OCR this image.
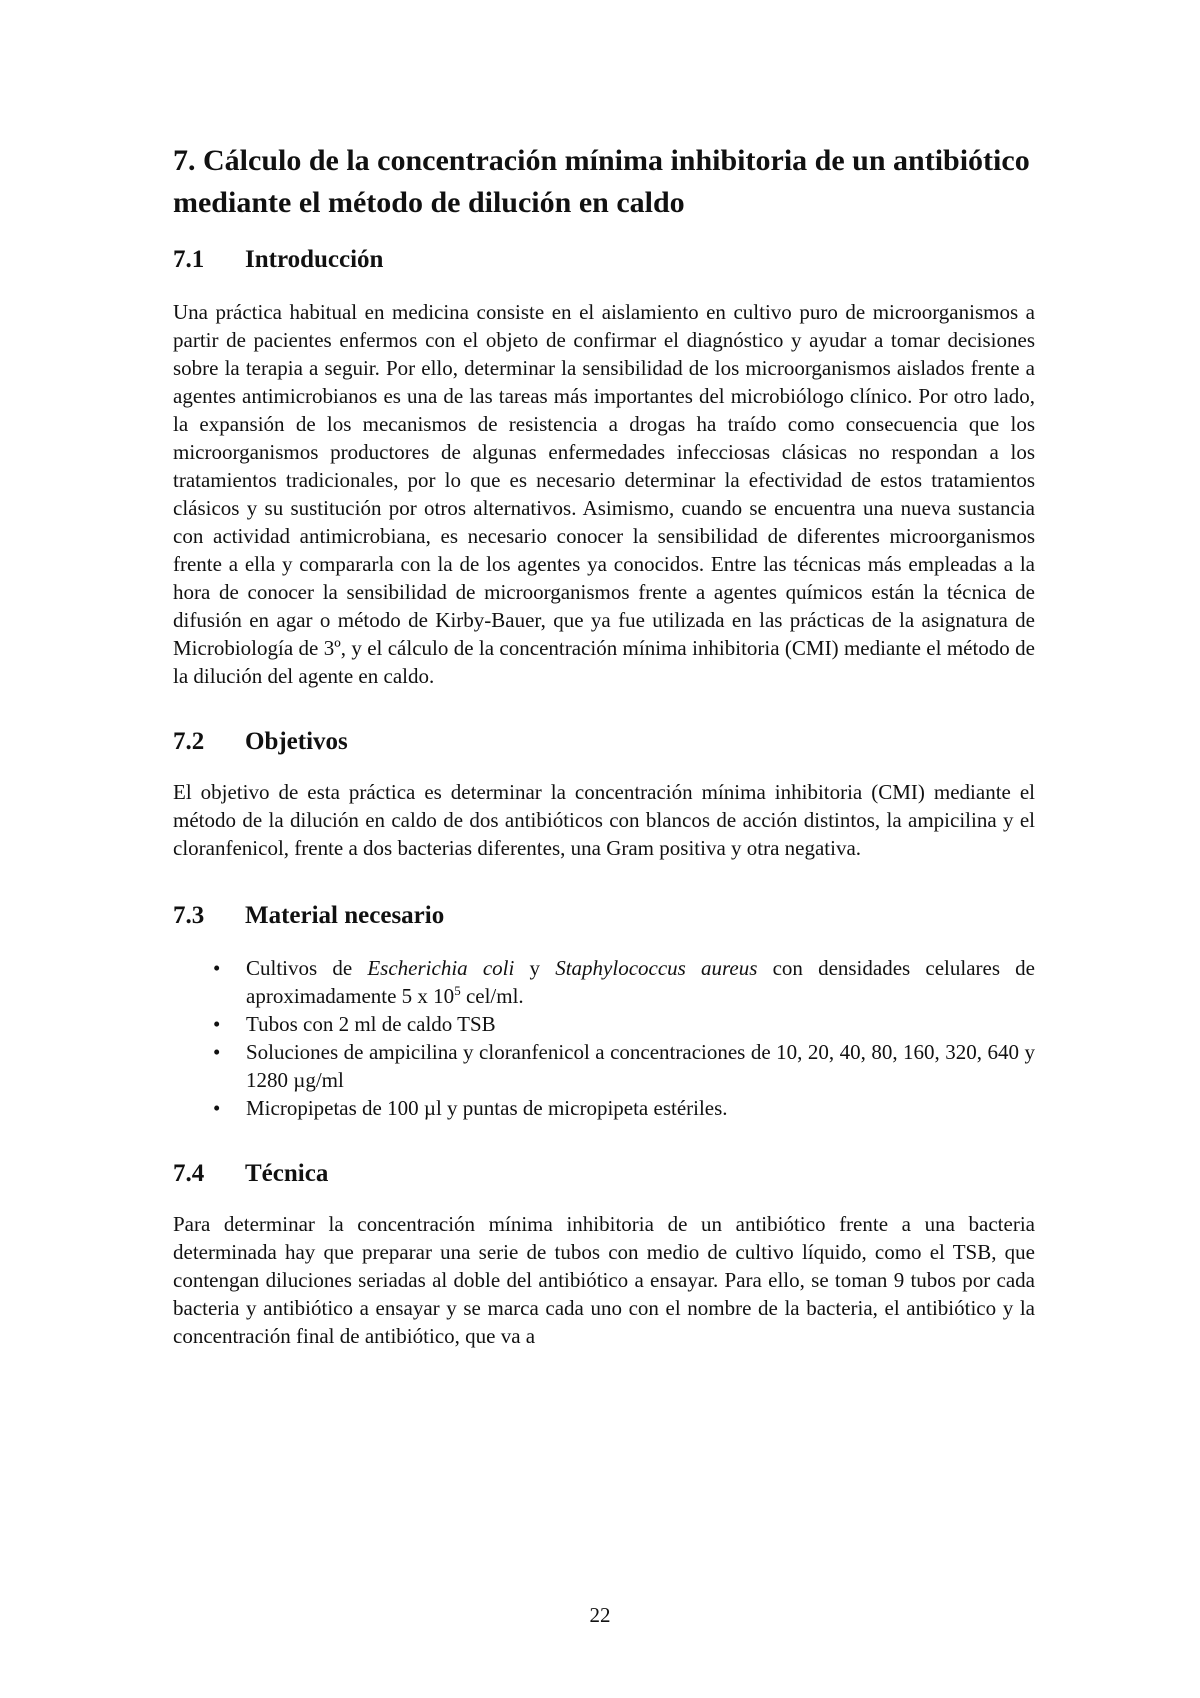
7. Cálculo de la concentración mínima inhibitoria de un antibiótico mediante el método de dilución en caldo
7.1	Introducción

Una práctica habitual en medicina consiste en el aislamiento en cultivo puro de microorganismos a partir de pacientes enfermos con el objeto de confirmar el diagnóstico y ayudar a tomar decisiones sobre la terapia a seguir. Por ello, determinar la sensibilidad de los microorganismos aislados frente a agentes antimicrobianos es una de las tareas más importantes del microbiólogo clínico. Por otro lado, la expansión de los mecanismos de resistencia a drogas ha traído como consecuencia que los microorganismos productores de algunas enfermedades infecciosas clásicas no respondan a los tratamientos tradicionales, por lo que es necesario determinar la efectividad de estos tratamientos clásicos y su sustitución por otros alternativos. Asimismo, cuando se encuentra una nueva sustancia con actividad antimicrobiana, es necesario conocer la sensibilidad de diferentes microorganismos frente a ella y compararla con la de los agentes ya conocidos. Entre las técnicas más empleadas a la hora de conocer la sensibilidad de microorganismos frente a agentes químicos están la técnica de difusión en agar o método de Kirby-Bauer, que ya fue utilizada en las prácticas de la asignatura de Microbiología de 3º, y el cálculo de la concentración mínima inhibitoria (CMI) mediante el método de la dilución del agente en caldo.

7.2	Objetivos

El objetivo de esta práctica es determinar la concentración mínima inhibitoria (CMI) mediante el método de la dilución en caldo de dos antibióticos con blancos de acción distintos, la ampicilina y el cloranfenicol, frente a dos bacterias diferentes, una Gram positiva y otra negativa.

7.3	Material necesario
• Cultivos de Escherichia coli y Staphylococcus aureus con densidades celulares de aproximadamente 5 x $10^5$ cel/ml.
• Tubos con 2 ml de caldo TSB
• Soluciones de ampicilina y cloranfenicol a concentraciones de 10, 20, 40, 80, 160, 320, 640 y 1280 µg/ml
• Micropipetas de 100 µl y puntas de micropipeta estériles.
7.4	Técnica

Para determinar la concentración mínima inhibitoria de un antibiótico frente a una bacteria determinada hay que preparar una serie de tubos con medio de cultivo líquido, como el TSB, que contengan diluciones seriadas al doble del antibiótico a ensayar. Para ello, se toman 9 tubos por cada bacteria y antibiótico a ensayar y se marca cada uno con el nombre de la bacteria, el antibiótico y la concentración final de antibiótico, que va a

22
